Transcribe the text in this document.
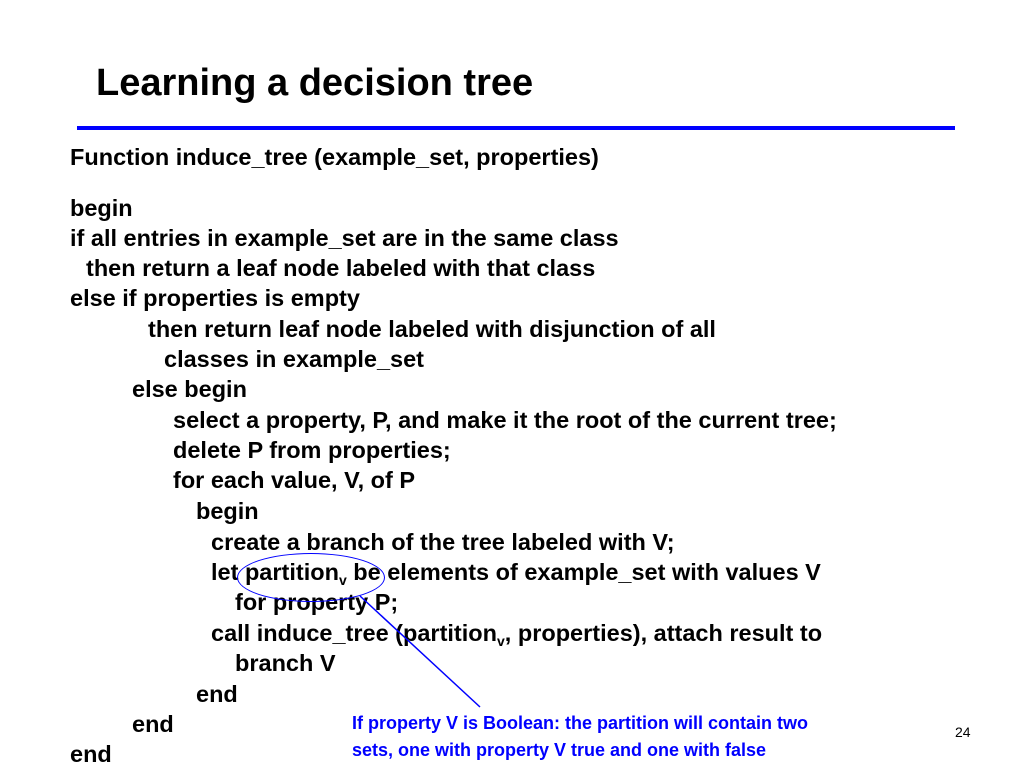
Learning a decision tree
Function induce_tree (example_set, properties)
begin
if all entries in example_set are in the same class
then return a leaf node labeled with that class
else if properties is empty
then return leaf node labeled with disjunction of all
classes in example_set
else begin
select a property, P, and make it the root of the current tree;
delete P from properties;
for each value, V, of P
begin
create a branch of the tree labeled with V;
let partition$_v$ be elements of example_set with values V
for property P;
call induce_tree (partition$_v$, properties), attach result to
branch V
end
end
end
If property V is Boolean: the partition will contain two
sets, one with property V true and one with false
24
